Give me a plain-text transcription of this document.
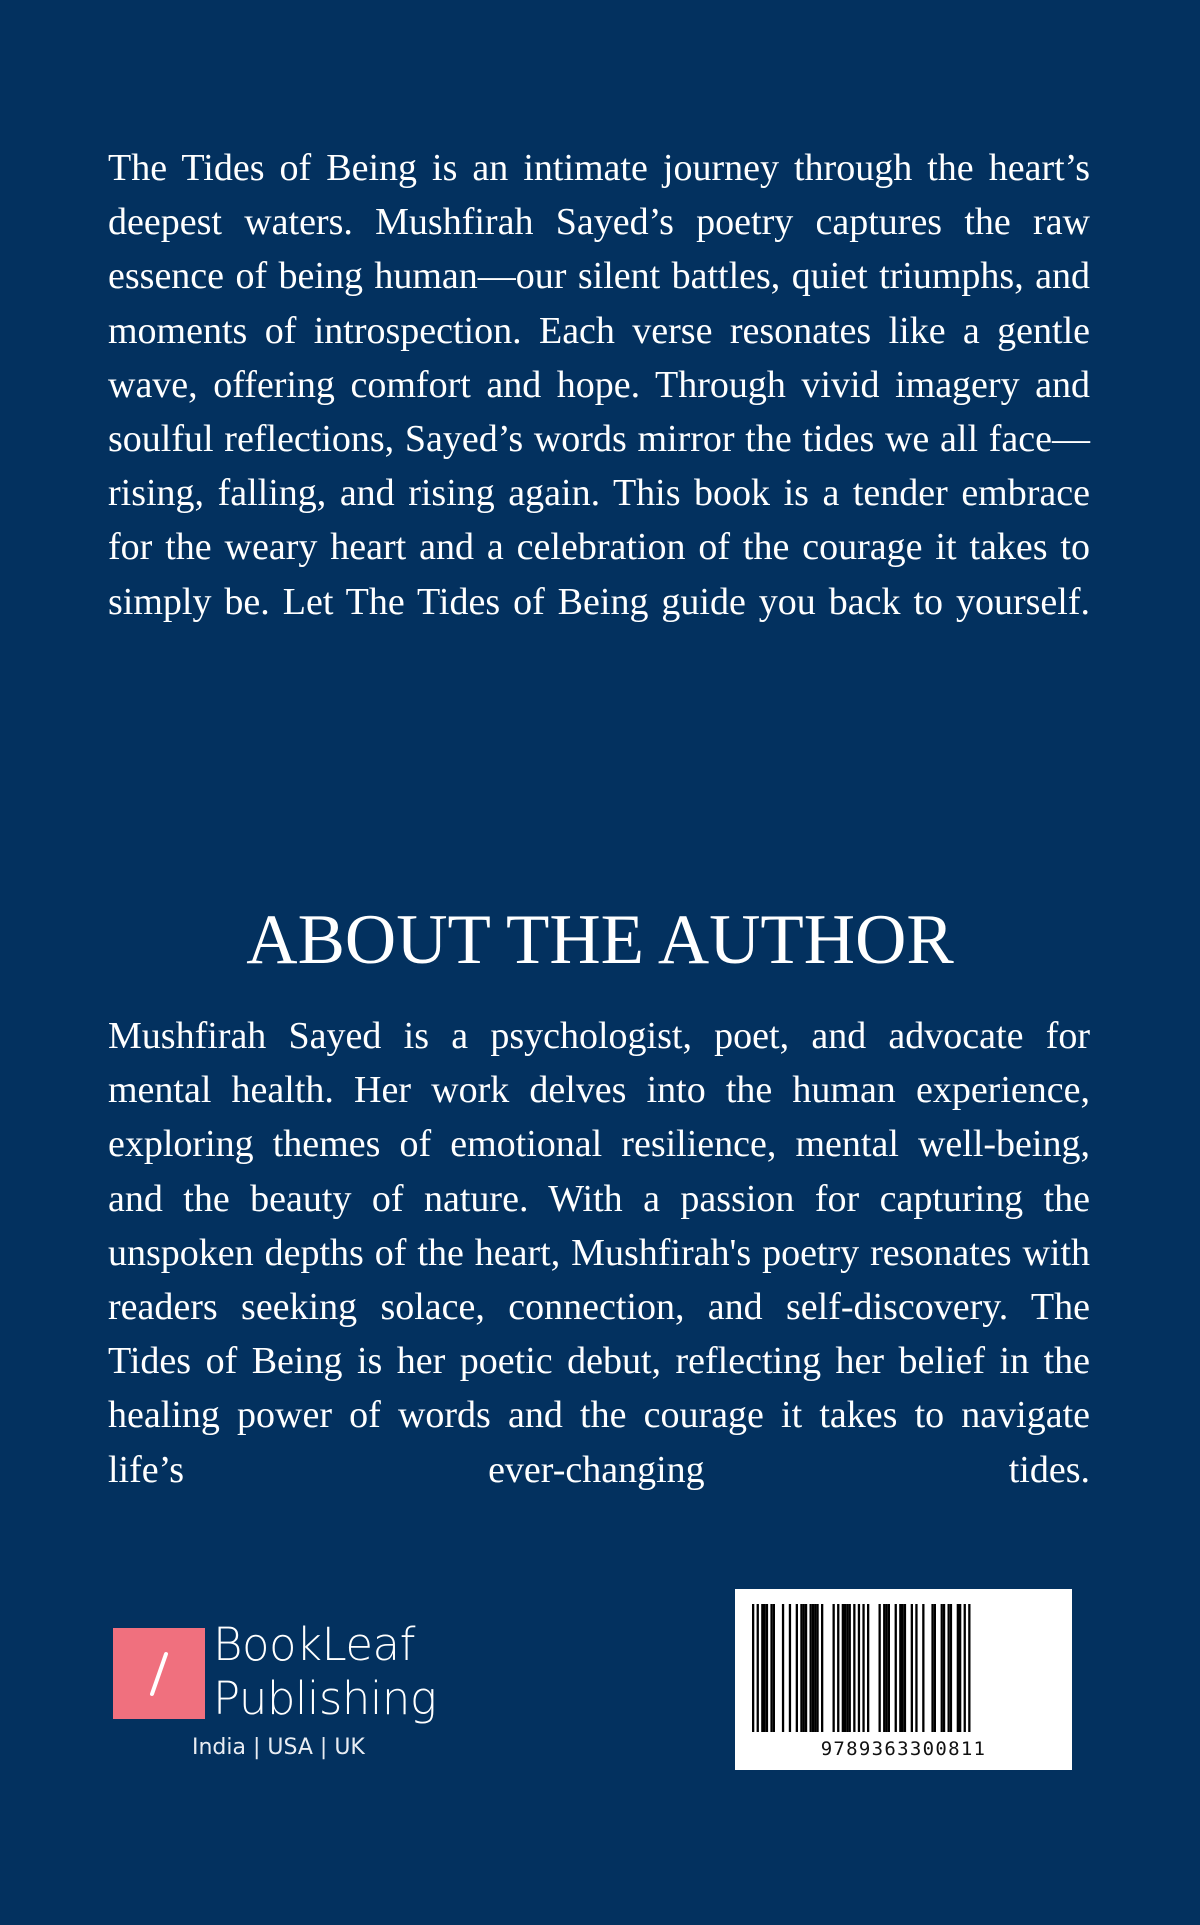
The Tides of Being is an intimate journey through the heart’s deepest waters. Mushfirah Sayed’s poetry captures the raw essence of being human—our silent battles, quiet triumphs, and moments of introspection. Each verse resonates like a gentle wave, offering comfort and hope. Through vivid imagery and soulful reflections, Sayed’s words mirror the tides we all face—rising, falling, and rising again. This book is a tender embrace for the weary heart and a celebration of the courage it takes to simply be. Let The Tides of Being guide you back to yourself.

ABOUT THE AUTHOR

Mushfirah Sayed is a psychologist, poet, and advocate for mental health. Her work delves into the human experience, exploring themes of emotional resilience, mental well-being, and the beauty of nature. With a passion for capturing the unspoken depths of the heart, Mushfirah's poetry resonates with readers seeking solace, connection, and self-discovery. The Tides of Being is her poetic debut, reflecting her belief in the healing power of words and the courage it takes to navigate life’s ever-changing tides.

BookLeaf
Publishing
India | USA | UK	9789363300811
